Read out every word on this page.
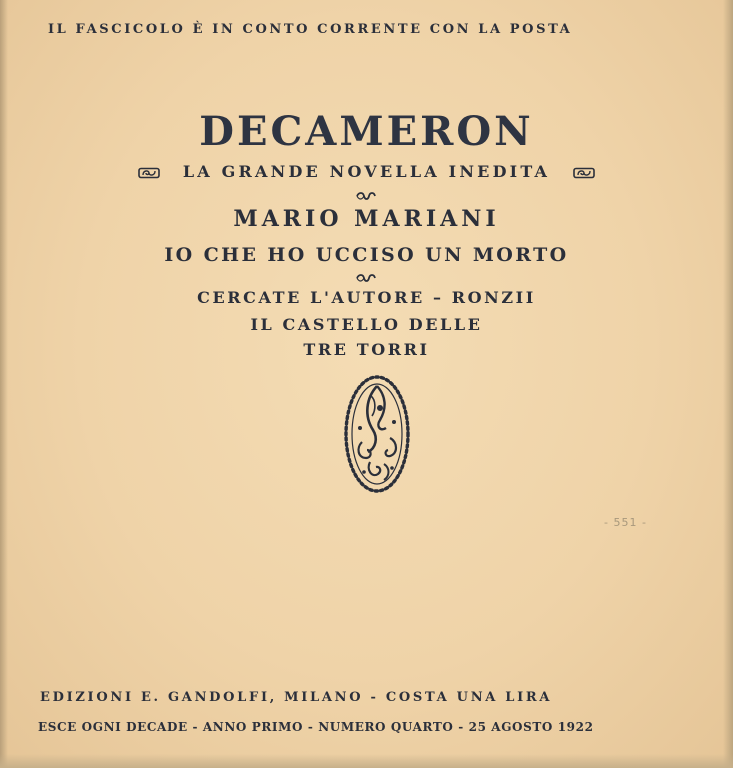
IL FASCICOLO È IN CONTO CORRENTE CON LA POSTA
DECAMERON
LA GRANDE NOVELLA INEDITA
MARIO MARIANI
IO CHE HO UCCISO UN MORTO
CERCATE L'AUTORE – RONZII
IL CASTELLO DELLE
TRE TORRI
- 551 -
EDIZIONI E. GANDOLFI, MILANO - COSTA UNA LIRA
ESCE OGNI DECADE - ANNO PRIMO - NUMERO QUARTO - 25 AGOSTO 1922
